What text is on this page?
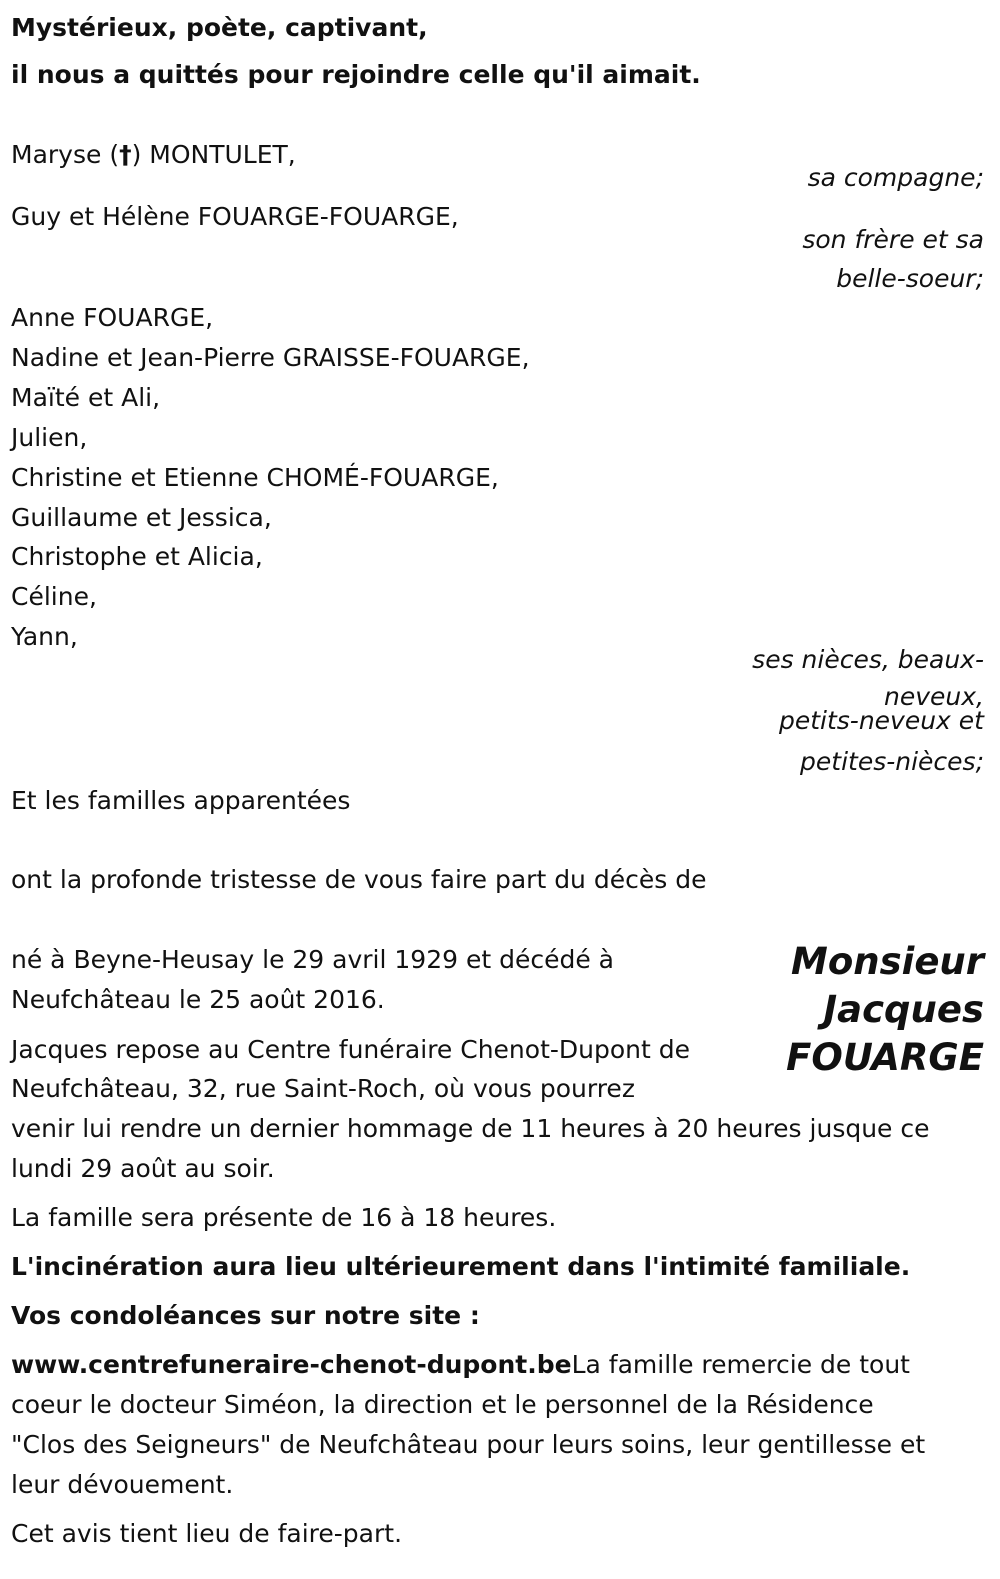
Mystérieux, poète, captivant,
il nous a quittés pour rejoindre celle qu'il aimait.
Maryse (†) MONTULET,
sa compagne;
Guy et Hélène FOUARGE-FOUARGE,
son frère et sa
belle-soeur;
Anne FOUARGE,
Nadine et Jean-Pierre GRAISSE-FOUARGE,
Maïté et Ali,
Julien,
Christine et Etienne CHOMÉ-FOUARGE,
Guillaume et Jessica,
Christophe et Alicia,
Céline,
Yann,
ses nièces, beaux-
neveux,
petits-neveux et
petites-nièces;
Et les familles apparentées
ont la profonde tristesse de vous faire part du décès de
Monsieur
Jacques
FOUARGE
né à Beyne-Heusay le 29 avril 1929 et décédé à
Neufchâteau le 25 août 2016.
Jacques repose au Centre funéraire Chenot-Dupont de
Neufchâteau, 32, rue Saint-Roch, où vous pourrez
venir lui rendre un dernier hommage de 11 heures à 20 heures jusque ce
lundi 29 août au soir.
La famille sera présente de 16 à 18 heures.
L'incinération aura lieu ultérieurement dans l'intimité familiale.
Vos condoléances sur notre site :
www.centrefuneraire-chenot-dupont.beLa famille remercie de tout
coeur le docteur Siméon, la direction et le personnel de la Résidence
"Clos des Seigneurs" de Neufchâteau pour leurs soins, leur gentillesse et
leur dévouement.
Cet avis tient lieu de faire-part.
